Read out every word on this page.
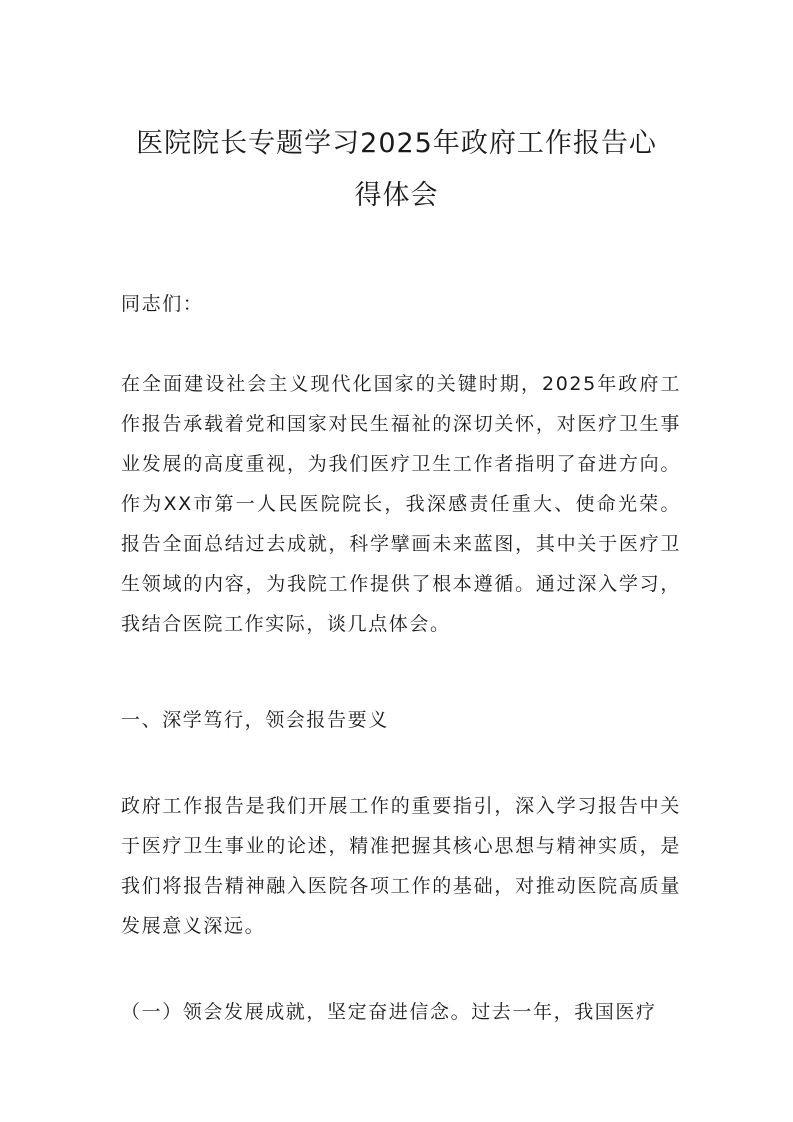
医院院长专题学习2025年政府工作报告心
得体会

同志们：

在全面建设社会主义现代化国家的关键时期，2025年政府工作报告承载着党和国家对民生福祉的深切关怀，对医疗卫生事业发展的高度重视，为我们医疗卫生工作者指明了奋进方向。作为XX市第一人民医院院长，我深感责任重大、使命光荣。报告全面总结过去成就，科学擘画未来蓝图，其中关于医疗卫生领域的内容，为我院工作提供了根本遵循。通过深入学习，我结合医院工作实际，谈几点体会。

一、深学笃行，领会报告要义

政府工作报告是我们开展工作的重要指引，深入学习报告中关于医疗卫生事业的论述，精准把握其核心思想与精神实质，是我们将报告精神融入医院各项工作的基础，对推动医院高质量发展意义深远。

（一）领会发展成就，坚定奋进信念。过去一年，我国医疗
